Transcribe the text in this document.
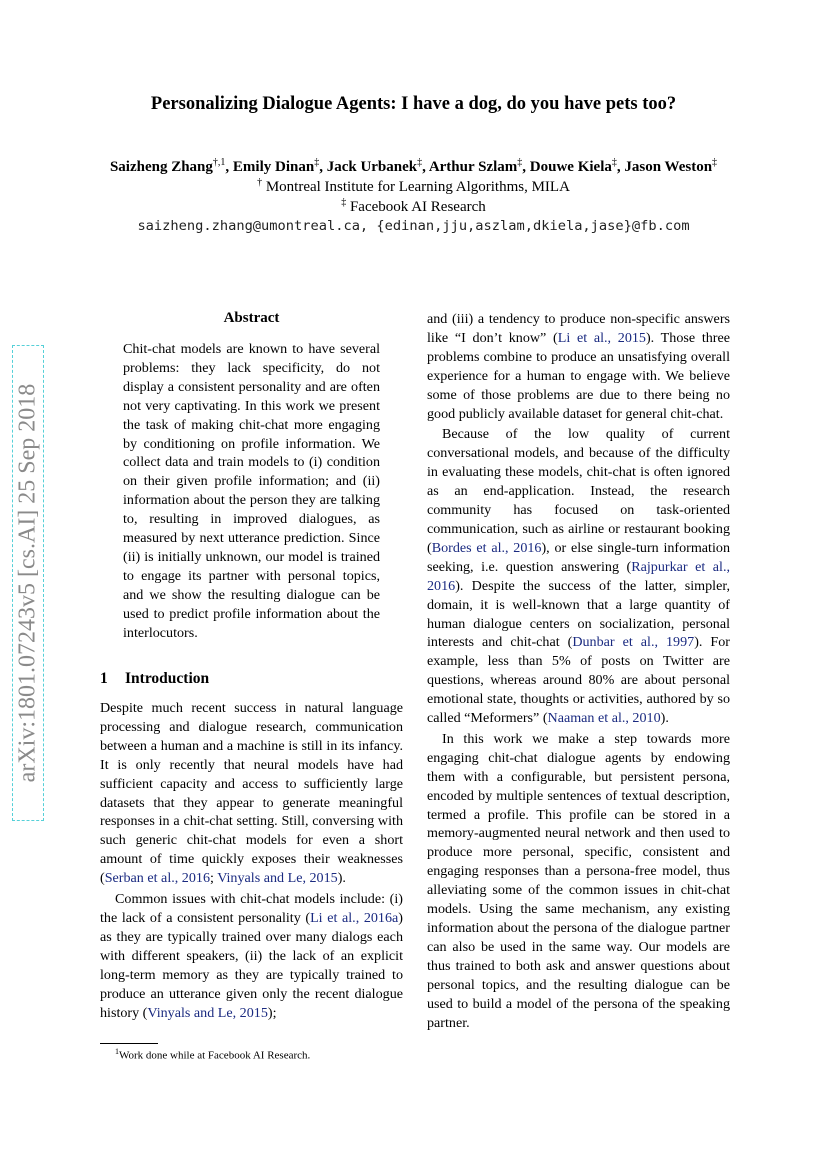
Personalizing Dialogue Agents: I have a dog, do you have pets too?
Saizheng Zhang$^{\dagger,1}$, Emily Dinan‡, Jack Urbanek‡, Arthur Szlam‡, Douwe Kiela‡, Jason Weston‡
† Montreal Institute for Learning Algorithms, MILA
‡ Facebook AI Research
saizheng.zhang@umontreal.ca, {edinan,jju,aszlam,dkiela,jase}@fb.com
arXiv:1801.07243v5 [cs.AI] 25 Sep 2018
Abstract
Chit-chat models are known to have several problems: they lack specificity, do not display a consistent personality and are often not very captivating. In this work we present the task of making chit-chat more engaging by conditioning on profile information. We collect data and train models to (i) condition on their given profile information; and (ii) information about the person they are talking to, resulting in improved dialogues, as measured by next utterance prediction. Since (ii) is initially unknown, our model is trained to engage its partner with personal topics, and we show the resulting dialogue can be used to predict profile information about the interlocutors.
1 Introduction

Despite much recent success in natural language processing and dialogue research, communication between a human and a machine is still in its infancy. It is only recently that neural models have had sufficient capacity and access to sufficiently large datasets that they appear to generate meaningful responses in a chit-chat setting. Still, conversing with such generic chit-chat models for even a short amount of time quickly exposes their weaknesses (Serban et al., 2016; Vinyals and Le, 2015).

Common issues with chit-chat models include: (i) the lack of a consistent personality (Li et al., 2016a) as they are typically trained over many dialogs each with different speakers, (ii) the lack of an explicit long-term memory as they are typically trained to produce an utterance given only the recent dialogue history (Vinyals and Le, 2015);

$^1$Work done while at Facebook AI Research.

and (iii) a tendency to produce non-specific answers like “I don’t know” (Li et al., 2015). Those three problems combine to produce an unsatisfying overall experience for a human to engage with. We believe some of those problems are due to there being no good publicly available dataset for general chit-chat.

Because of the low quality of current conversational models, and because of the difficulty in evaluating these models, chit-chat is often ignored as an end-application. Instead, the research community has focused on task-oriented communication, such as airline or restaurant booking (Bordes et al., 2016), or else single-turn information seeking, i.e. question answering (Rajpurkar et al., 2016). Despite the success of the latter, simpler, domain, it is well-known that a large quantity of human dialogue centers on socialization, personal interests and chit-chat (Dunbar et al., 1997). For example, less than 5% of posts on Twitter are questions, whereas around 80% are about personal emotional state, thoughts or activities, authored by so called “Meformers” (Naaman et al., 2010).

In this work we make a step towards more engaging chit-chat dialogue agents by endowing them with a configurable, but persistent persona, encoded by multiple sentences of textual description, termed a profile. This profile can be stored in a memory-augmented neural network and then used to produce more personal, specific, consistent and engaging responses than a persona-free model, thus alleviating some of the common issues in chit-chat models. Using the same mechanism, any existing information about the persona of the dialogue partner can also be used in the same way. Our models are thus trained to both ask and answer questions about personal topics, and the resulting dialogue can be used to build a model of the persona of the speaking partner.
